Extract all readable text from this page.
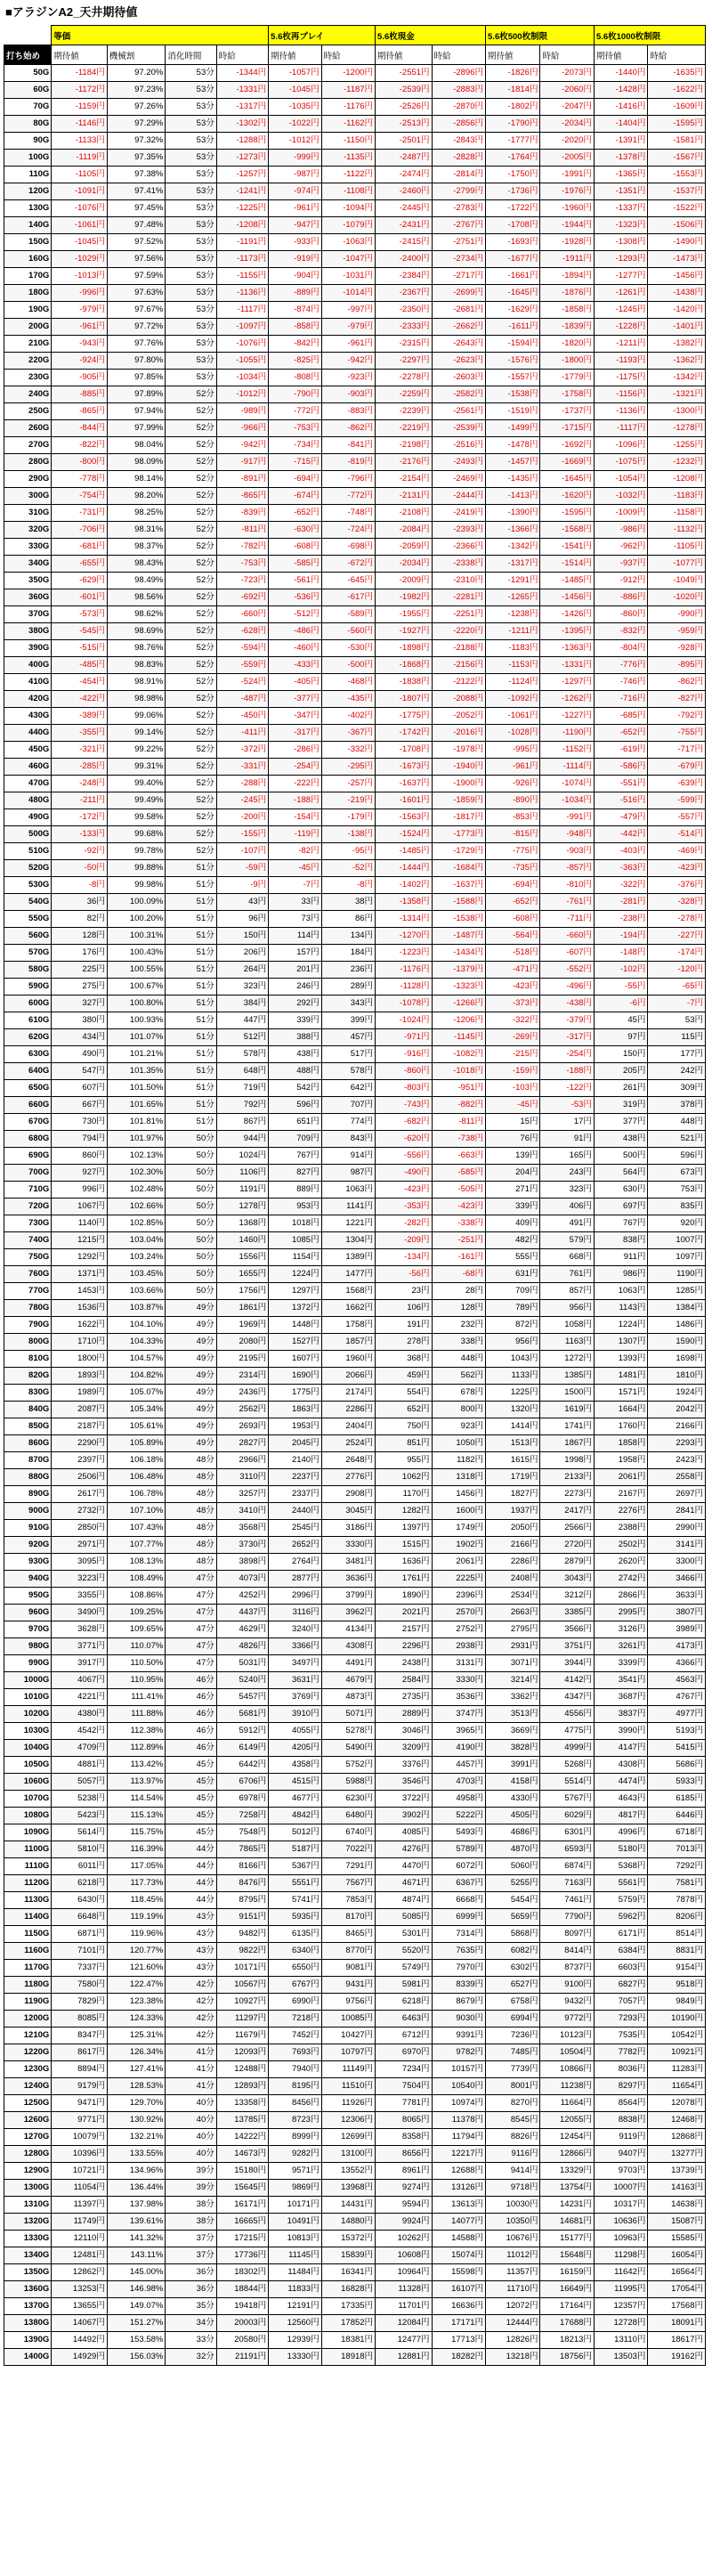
■アラジンA2_天井期待値
	等価				5.6枚再プレイ		5.6枚現金		5.6枚500枚制限		5.6枚1000枚制限	
打ち始め	期待値	機械割	消化時間	時給	期待値	時給	期待値	時給	期待値	時給	期待値	時給
50G	-1184円	97.20%	53分	-1344円	-1057円	-1200円	-2551円	-2896円	-1826円	-2073円	-1440円	-1635円
60G	-1172円	97.23%	53分	-1331円	-1045円	-1187円	-2539円	-2883円	-1814円	-2060円	-1428円	-1622円
70G	-1159円	97.26%	53分	-1317円	-1035円	-1176円	-2526円	-2870円	-1802円	-2047円	-1416円	-1609円
80G	-1146円	97.29%	53分	-1302円	-1022円	-1162円	-2513円	-2856円	-1790円	-2034円	-1404円	-1595円
90G	-1133円	97.32%	53分	-1288円	-1012円	-1150円	-2501円	-2843円	-1777円	-2020円	-1391円	-1581円
100G	-1119円	97.35%	53分	-1273円	-999円	-1135円	-2487円	-2828円	-1764円	-2005円	-1378円	-1567円
110G	-1105円	97.38%	53分	-1257円	-987円	-1122円	-2474円	-2814円	-1750円	-1991円	-1365円	-1553円
120G	-1091円	97.41%	53分	-1241円	-974円	-1108円	-2460円	-2799円	-1736円	-1976円	-1351円	-1537円
130G	-1076円	97.45%	53分	-1225円	-961円	-1094円	-2445円	-2783円	-1722円	-1960円	-1337円	-1522円
140G	-1061円	97.48%	53分	-1208円	-947円	-1079円	-2431円	-2767円	-1708円	-1944円	-1323円	-1506円
150G	-1045円	97.52%	53分	-1191円	-933円	-1063円	-2415円	-2751円	-1693円	-1928円	-1308円	-1490円
160G	-1029円	97.56%	53分	-1173円	-919円	-1047円	-2400円	-2734円	-1677円	-1911円	-1293円	-1473円
170G	-1013円	97.59%	53分	-1155円	-904円	-1031円	-2384円	-2717円	-1661円	-1894円	-1277円	-1456円
180G	-996円	97.63%	53分	-1136円	-889円	-1014円	-2367円	-2699円	-1645円	-1876円	-1261円	-1438円
190G	-979円	97.67%	53分	-1117円	-874円	-997円	-2350円	-2681円	-1629円	-1858円	-1245円	-1420円
200G	-961円	97.72%	53分	-1097円	-858円	-979円	-2333円	-2662円	-1611円	-1839円	-1228円	-1401円
210G	-943円	97.76%	53分	-1076円	-842円	-961円	-2315円	-2643円	-1594円	-1820円	-1211円	-1382円
220G	-924円	97.80%	53分	-1055円	-825円	-942円	-2297円	-2623円	-1576円	-1800円	-1193円	-1362円
230G	-905円	97.85%	53分	-1034円	-808円	-923円	-2278円	-2603円	-1557円	-1779円	-1175円	-1342円
240G	-885円	97.89%	52分	-1012円	-790円	-903円	-2259円	-2582円	-1538円	-1758円	-1156円	-1321円
250G	-865円	97.94%	52分	-989円	-772円	-883円	-2239円	-2561円	-1519円	-1737円	-1136円	-1300円
260G	-844円	97.99%	52分	-966円	-753円	-862円	-2219円	-2539円	-1499円	-1715円	-1117円	-1278円
270G	-822円	98.04%	52分	-942円	-734円	-841円	-2198円	-2516円	-1478円	-1692円	-1096円	-1255円
280G	-800円	98.09%	52分	-917円	-715円	-819円	-2176円	-2493円	-1457円	-1669円	-1075円	-1232円
290G	-778円	98.14%	52分	-891円	-694円	-796円	-2154円	-2469円	-1435円	-1645円	-1054円	-1208円
300G	-754円	98.20%	52分	-865円	-674円	-772円	-2131円	-2444円	-1413円	-1620円	-1032円	-1183円
310G	-731円	98.25%	52分	-839円	-652円	-748円	-2108円	-2419円	-1390円	-1595円	-1009円	-1158円
320G	-706円	98.31%	52分	-811円	-630円	-724円	-2084円	-2393円	-1366円	-1568円	-986円	-1132円
330G	-681円	98.37%	52分	-782円	-608円	-698円	-2059円	-2366円	-1342円	-1541円	-962円	-1105円
340G	-655円	98.43%	52分	-753円	-585円	-672円	-2034円	-2338円	-1317円	-1514円	-937円	-1077円
350G	-629円	98.49%	52分	-723円	-561円	-645円	-2009円	-2310円	-1291円	-1485円	-912円	-1049円
360G	-601円	98.56%	52分	-692円	-536円	-617円	-1982円	-2281円	-1265円	-1456円	-886円	-1020円
370G	-573円	98.62%	52分	-660円	-512円	-589円	-1955円	-2251円	-1238円	-1426円	-860円	-990円
380G	-545円	98.69%	52分	-628円	-486円	-560円	-1927円	-2220円	-1211円	-1395円	-832円	-959円
390G	-515円	98.76%	52分	-594円	-460円	-530円	-1898円	-2188円	-1183円	-1363円	-804円	-928円
400G	-485円	98.83%	52分	-559円	-433円	-500円	-1868円	-2156円	-1153円	-1331円	-776円	-895円
410G	-454円	98.91%	52分	-524円	-405円	-468円	-1838円	-2122円	-1124円	-1297円	-746円	-862円
420G	-422円	98.98%	52分	-487円	-377円	-435円	-1807円	-2088円	-1092円	-1262円	-716円	-827円
430G	-389円	99.06%	52分	-450円	-347円	-402円	-1775円	-2052円	-1061円	-1227円	-685円	-792円
440G	-355円	99.14%	52分	-411円	-317円	-367円	-1742円	-2016円	-1028円	-1190円	-652円	-755円
450G	-321円	99.22%	52分	-372円	-286円	-332円	-1708円	-1978円	-995円	-1152円	-619円	-717円
460G	-285円	99.31%	52分	-331円	-254円	-295円	-1673円	-1940円	-961円	-1114円	-586円	-679円
470G	-248円	99.40%	52分	-288円	-222円	-257円	-1637円	-1900円	-926円	-1074円	-551円	-639円
480G	-211円	99.49%	52分	-245円	-188円	-219円	-1601円	-1859円	-890円	-1034円	-516円	-599円
490G	-172円	99.58%	52分	-200円	-154円	-179円	-1563円	-1817円	-853円	-991円	-479円	-557円
500G	-133円	99.68%	52分	-155円	-119円	-138円	-1524円	-1773円	-815円	-948円	-442円	-514円
510G	-92円	99.78%	52分	-107円	-82円	-95円	-1485円	-1729円	-775円	-903円	-403円	-469円
520G	-50円	99.88%	51分	-59円	-45円	-52円	-1444円	-1684円	-735円	-857円	-363円	-423円
530G	-8円	99.98%	51分	-9円	-7円	-8円	-1402円	-1637円	-694円	-810円	-322円	-376円
540G	36円	100.09%	51分	43円	33円	38円	-1358円	-1588円	-652円	-761円	-281円	-328円
550G	82円	100.20%	51分	96円	73円	86円	-1314円	-1538円	-608円	-711円	-238円	-278円
560G	128円	100.31%	51分	150円	114円	134円	-1270円	-1487円	-564円	-660円	-194円	-227円
570G	176円	100.43%	51分	206円	157円	184円	-1223円	-1434円	-518円	-607円	-148円	-174円
580G	225円	100.55%	51分	264円	201円	236円	-1176円	-1379円	-471円	-552円	-102円	-120円
590G	275円	100.67%	51分	323円	246円	289円	-1128円	-1323円	-423円	-496円	-55円	-65円
600G	327円	100.80%	51分	384円	292円	343円	-1078円	-1266円	-373円	-438円	-6円	-7円
610G	380円	100.93%	51分	447円	339円	399円	-1024円	-1206円	-322円	-379円	45円	53円
620G	434円	101.07%	51分	512円	388円	457円	-971円	-1145円	-269円	-317円	97円	115円
630G	490円	101.21%	51分	578円	438円	517円	-916円	-1082円	-215円	-254円	150円	177円
640G	547円	101.35%	51分	648円	488円	578円	-860円	-1018円	-159円	-188円	205円	242円
650G	607円	101.50%	51分	719円	542円	642円	-803円	-951円	-103円	-122円	261円	309円
660G	667円	101.65%	51分	792円	596円	707円	-743円	-882円	-45円	-53円	319円	378円
670G	730円	101.81%	51分	867円	651円	774円	-682円	-811円	15円	17円	377円	448円
680G	794円	101.97%	50分	944円	709円	843円	-620円	-738円	76円	91円	438円	521円
690G	860円	102.13%	50分	1024円	767円	914円	-556円	-663円	139円	165円	500円	596円
700G	927円	102.30%	50分	1106円	827円	987円	-490円	-585円	204円	243円	564円	673円
710G	996円	102.48%	50分	1191円	889円	1063円	-423円	-505円	271円	323円	630円	753円
720G	1067円	102.66%	50分	1278円	953円	1141円	-353円	-423円	339円	406円	697円	835円
730G	1140円	102.85%	50分	1368円	1018円	1221円	-282円	-338円	409円	491円	767円	920円
740G	1215円	103.04%	50分	1460円	1085円	1304円	-209円	-251円	482円	579円	838円	1007円
750G	1292円	103.24%	50分	1556円	1154円	1389円	-134円	-161円	555円	668円	911円	1097円
760G	1371円	103.45%	50分	1655円	1224円	1477円	-56円	-68円	631円	761円	986円	1190円
770G	1453円	103.66%	50分	1756円	1297円	1568円	23円	28円	709円	857円	1063円	1285円
780G	1536円	103.87%	49分	1861円	1372円	1662円	106円	128円	789円	956円	1143円	1384円
790G	1622円	104.10%	49分	1969円	1448円	1758円	191円	232円	872円	1058円	1224円	1486円
800G	1710円	104.33%	49分	2080円	1527円	1857円	278円	338円	956円	1163円	1307円	1590円
810G	1800円	104.57%	49分	2195円	1607円	1960円	368円	448円	1043円	1272円	1393円	1698円
820G	1893円	104.82%	49分	2314円	1690円	2066円	459円	562円	1133円	1385円	1481円	1810円
830G	1989円	105.07%	49分	2436円	1775円	2174円	554円	678円	1225円	1500円	1571円	1924円
840G	2087円	105.34%	49分	2562円	1863円	2286円	652円	800円	1320円	1619円	1664円	2042円
850G	2187円	105.61%	49分	2693円	1953円	2404円	750円	923円	1414円	1741円	1760円	2166円
860G	2290円	105.89%	49分	2827円	2045円	2524円	851円	1050円	1513円	1867円	1858円	2293円
870G	2397円	106.18%	48分	2966円	2140円	2648円	955円	1182円	1615円	1998円	1958円	2423円
880G	2506円	106.48%	48分	3110円	2237円	2776円	1062円	1318円	1719円	2133円	2061円	2558円
890G	2617円	106.78%	48分	3257円	2337円	2908円	1170円	1456円	1827円	2273円	2167円	2697円
900G	2732円	107.10%	48分	3410円	2440円	3045円	1282円	1600円	1937円	2417円	2276円	2841円
910G	2850円	107.43%	48分	3568円	2545円	3186円	1397円	1749円	2050円	2566円	2388円	2990円
920G	2971円	107.77%	48分	3730円	2652円	3330円	1515円	1902円	2166円	2720円	2502円	3141円
930G	3095円	108.13%	48分	3898円	2764円	3481円	1636円	2061円	2286円	2879円	2620円	3300円
940G	3223円	108.49%	47分	4073円	2877円	3636円	1761円	2225円	2408円	3043円	2742円	3466円
950G	3355円	108.86%	47分	4252円	2996円	3799円	1890円	2396円	2534円	3212円	2866円	3633円
960G	3490円	109.25%	47分	4437円	3116円	3962円	2021円	2570円	2663円	3385円	2995円	3807円
970G	3628円	109.65%	47分	4629円	3240円	4134円	2157円	2752円	2795円	3566円	3126円	3989円
980G	3771円	110.07%	47分	4826円	3366円	4308円	2296円	2938円	2931円	3751円	3261円	4173円
990G	3917円	110.50%	47分	5031円	3497円	4491円	2438円	3131円	3071円	3944円	3399円	4366円
1000G	4067円	110.95%	46分	5240円	3631円	4679円	2584円	3330円	3214円	4142円	3541円	4563円
1010G	4221円	111.41%	46分	5457円	3769円	4873円	2735円	3536円	3362円	4347円	3687円	4767円
1020G	4380円	111.88%	46分	5681円	3910円	5071円	2889円	3747円	3513円	4556円	3837円	4977円
1030G	4542円	112.38%	46分	5912円	4055円	5278円	3046円	3965円	3669円	4775円	3990円	5193円
1040G	4709円	112.89%	46分	6149円	4205円	5490円	3209円	4190円	3828円	4999円	4147円	5415円
1050G	4881円	113.42%	45分	6442円	4358円	5752円	3376円	4457円	3991円	5268円	4308円	5686円
1060G	5057円	113.97%	45分	6706円	4515円	5988円	3546円	4703円	4158円	5514円	4474円	5933円
1070G	5238円	114.54%	45分	6978円	4677円	6230円	3722円	4958円	4330円	5767円	4643円	6185円
1080G	5423円	115.13%	45分	7258円	4842円	6480円	3902円	5222円	4505円	6029円	4817円	6446円
1090G	5614円	115.75%	45分	7548円	5012円	6740円	4085円	5493円	4686円	6301円	4996円	6718円
1100G	5810円	116.39%	44分	7865円	5187円	7022円	4276円	5789円	4870円	6593円	5180円	7013円
1110G	6011円	117.05%	44分	8166円	5367円	7291円	4470円	6072円	5060円	6874円	5368円	7292円
1120G	6218円	117.73%	44分	8476円	5551円	7567円	4671円	6367円	5255円	7163円	5561円	7581円
1130G	6430円	118.45%	44分	8795円	5741円	7853円	4874円	6668円	5454円	7461円	5759円	7878円
1140G	6648円	119.19%	43分	9151円	5935円	8170円	5085円	6999円	5659円	7790円	5962円	8206円
1150G	6871円	119.96%	43分	9482円	6135円	8465円	5301円	7314円	5868円	8097円	6171円	8514円
1160G	7101円	120.77%	43分	9822円	6340円	8770円	5520円	7635円	6082円	8414円	6384円	8831円
1170G	7337円	121.60%	43分	10171円	6550円	9081円	5749円	7970円	6302円	8737円	6603円	9154円
1180G	7580円	122.47%	42分	10567円	6767円	9431円	5981円	8339円	6527円	9100円	6827円	9518円
1190G	7829円	123.38%	42分	10927円	6990円	9756円	6218円	8679円	6758円	9432円	7057円	9849円
1200G	8085円	124.33%	42分	11297円	7218円	10085円	6463円	9030円	6994円	9772円	7293円	10190円
1210G	8347円	125.31%	42分	11679円	7452円	10427円	6712円	9391円	7236円	10123円	7535円	10542円
1220G	8617円	126.34%	41分	12093円	7693円	10797円	6970円	9782円	7485円	10504円	7782円	10921円
1230G	8894円	127.41%	41分	12488円	7940円	11149円	7234円	10157円	7739円	10866円	8036円	11283円
1240G	9179円	128.53%	41分	12893円	8195円	11510円	7504円	10540円	8001円	11238円	8297円	11654円
1250G	9471円	129.70%	40分	13358円	8456円	11926円	7781円	10974円	8270円	11664円	8564円	12078円
1260G	9771円	130.92%	40分	13785円	8723円	12306円	8065円	11378円	8545円	12055円	8838円	12468円
1270G	10079円	132.21%	40分	14222円	8999円	12699円	8358円	11794円	8826円	12454円	9119円	12868円
1280G	10396円	133.55%	40分	14673円	9282円	13100円	8656円	12217円	9116円	12866円	9407円	13277円
1290G	10721円	134.96%	39分	15180円	9571円	13552円	8961円	12688円	9414円	13329円	9703円	13739円
1300G	11054円	136.44%	39分	15645円	9869円	13968円	9274円	13126円	9718円	13754円	10007円	14163円
1310G	11397円	137.98%	38分	16171円	10171円	14431円	9594円	13613円	10030円	14231円	10317円	14638円
1320G	11749円	139.61%	38分	16665円	10491円	14880円	9924円	14077円	10350円	14681円	10636円	15087円
1330G	12110円	141.32%	37分	17215円	10813円	15372円	10262円	14588円	10676円	15177円	10963円	15585円
1340G	12481円	143.11%	37分	17736円	11145円	15839円	10608円	15074円	11012円	15648円	11298円	16054円
1350G	12862円	145.00%	36分	18302円	11484円	16341円	10964円	15598円	11357円	16159円	11642円	16564円
1360G	13253円	146.98%	36分	18844円	11833円	16828円	11328円	16107円	11710円	16649円	11995円	17054円
1370G	13655円	149.07%	35分	19418円	12191円	17335円	11701円	16636円	12072円	17164円	12357円	17568円
1380G	14067円	151.27%	34分	20003円	12560円	17852円	12084円	17171円	12444円	17688円	12728円	18091円
1390G	14492円	153.58%	33分	20580円	12939円	18381円	12477円	17713円	12826円	18213円	13110円	18617円
1400G	14929円	156.03%	32分	21191円	13330円	18918円	12881円	18282円	13218円	18756円	13503円	19162円
